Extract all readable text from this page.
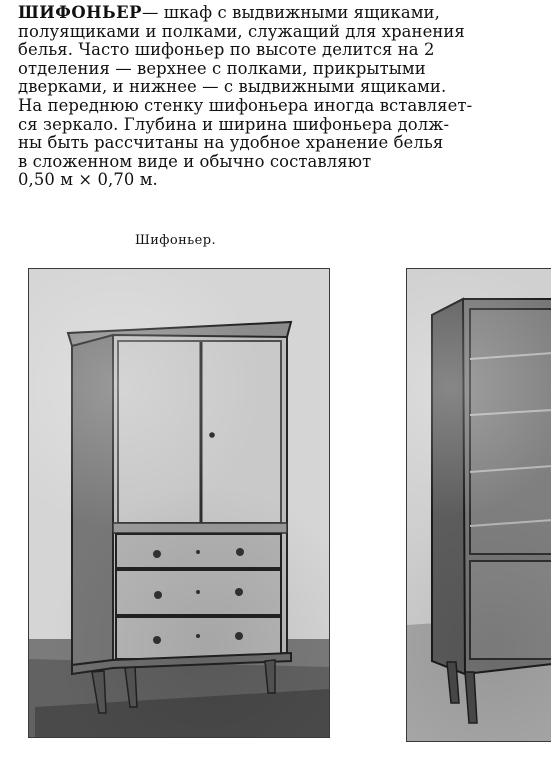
ШИФОНЬЕР — шкаф с выдвижными ящиками,
полуящиками и полками, служащий для хранения
белья. Часто шифоньер по высоте делится на 2
отделения — верхнее с полками, прикрытыми
дверками, и нижнее — с выдвижными ящиками.
На переднюю стенку шифоньера иногда вставляет-
ся зеркало. Глубина и ширина шифоньера долж-
ны быть рассчитаны на удобное хранение белья
в сложенном виде и обычно составляют
0,50 м × 0,70 м.
Шифоньер.
